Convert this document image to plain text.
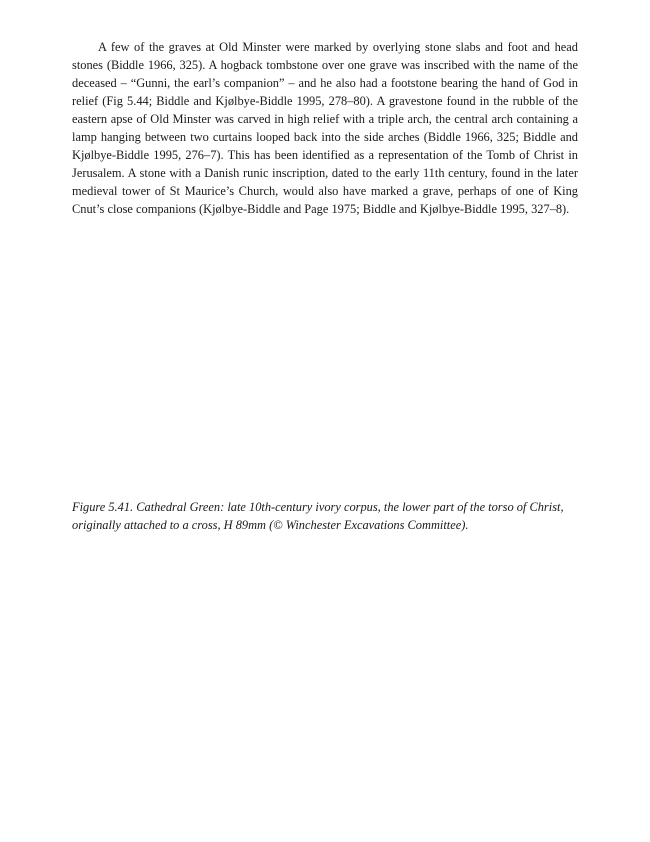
A few of the graves at Old Minster were marked by overlying stone slabs and foot and head stones (Biddle 1966, 325). A hogback tombstone over one grave was inscribed with the name of the deceased – “Gunni, the earl’s companion” – and he also had a footstone bearing the hand of God in relief (Fig 5.44; Biddle and Kjølbye-Biddle 1995, 278–80). A gravestone found in the rubble of the eastern apse of Old Minster was carved in high relief with a triple arch, the central arch containing a lamp hanging between two curtains looped back into the side arches (Biddle 1966, 325; Biddle and Kjølbye-Biddle 1995, 276–7). This has been identified as a representation of the Tomb of Christ in Jerusalem. A stone with a Danish runic inscription, dated to the early 11th century, found in the later medieval tower of St Maurice’s Church, would also have marked a grave, perhaps of one of King Cnut’s close companions (Kjølbye-Biddle and Page 1975; Biddle and Kjølbye-Biddle 1995, 327–8).

Figure 5.41. Cathedral Green: late 10th-century ivory corpus, the lower part of the torso of Christ, originally attached to a cross, H 89mm (© Winchester Excavations Committee).
